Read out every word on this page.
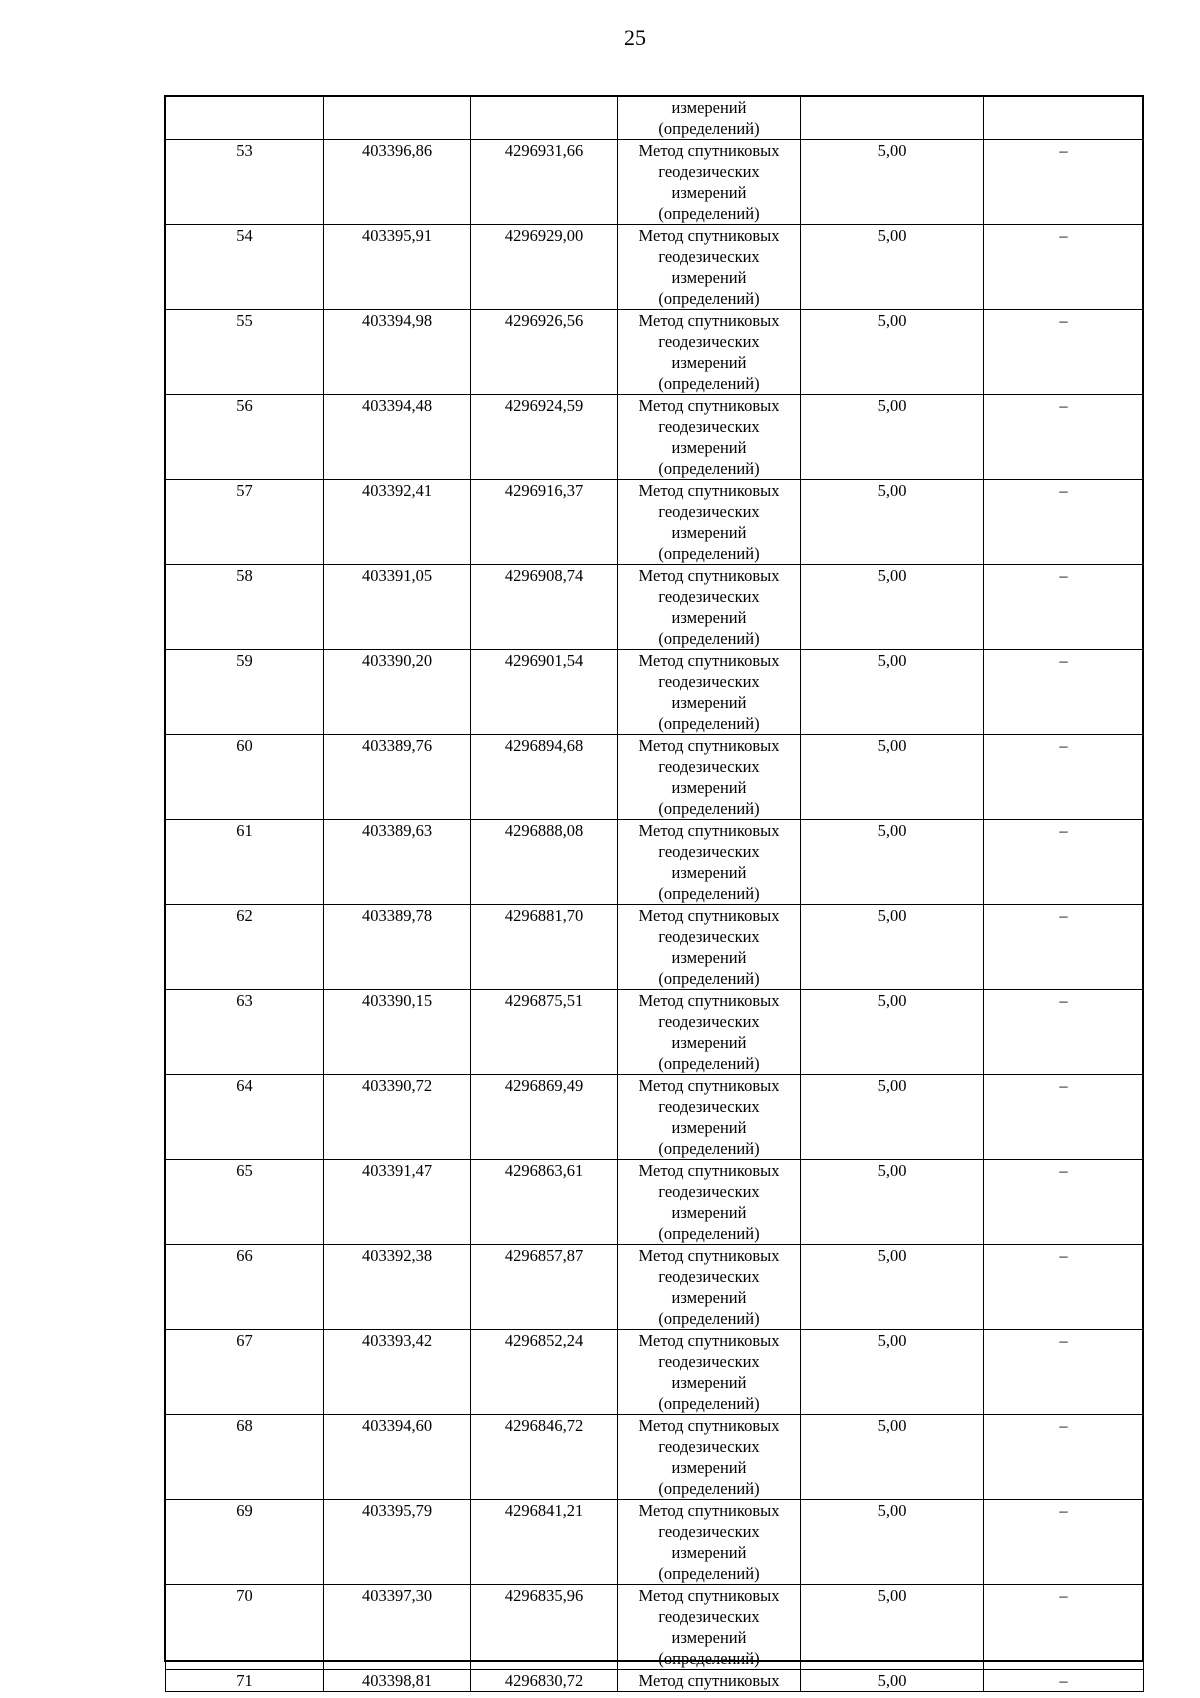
25
			измерений
(определений)		
53	403396,86	4296931,66	Метод спутниковых
геодезических
измерений
(определений)	5,00	–
54	403395,91	4296929,00	Метод спутниковых
геодезических
измерений
(определений)	5,00	–
55	403394,98	4296926,56	Метод спутниковых
геодезических
измерений
(определений)	5,00	–
56	403394,48	4296924,59	Метод спутниковых
геодезических
измерений
(определений)	5,00	–
57	403392,41	4296916,37	Метод спутниковых
геодезических
измерений
(определений)	5,00	–
58	403391,05	4296908,74	Метод спутниковых
геодезических
измерений
(определений)	5,00	–
59	403390,20	4296901,54	Метод спутниковых
геодезических
измерений
(определений)	5,00	–
60	403389,76	4296894,68	Метод спутниковых
геодезических
измерений
(определений)	5,00	–
61	403389,63	4296888,08	Метод спутниковых
геодезических
измерений
(определений)	5,00	–
62	403389,78	4296881,70	Метод спутниковых
геодезических
измерений
(определений)	5,00	–
63	403390,15	4296875,51	Метод спутниковых
геодезических
измерений
(определений)	5,00	–
64	403390,72	4296869,49	Метод спутниковых
геодезических
измерений
(определений)	5,00	–
65	403391,47	4296863,61	Метод спутниковых
геодезических
измерений
(определений)	5,00	–
66	403392,38	4296857,87	Метод спутниковых
геодезических
измерений
(определений)	5,00	–
67	403393,42	4296852,24	Метод спутниковых
геодезических
измерений
(определений)	5,00	–
68	403394,60	4296846,72	Метод спутниковых
геодезических
измерений
(определений)	5,00	–
69	403395,79	4296841,21	Метод спутниковых
геодезических
измерений
(определений)	5,00	–
70	403397,30	4296835,96	Метод спутниковых
геодезических
измерений
(определений)	5,00	–
71	403398,81	4296830,72	Метод спутниковых	5,00	–
